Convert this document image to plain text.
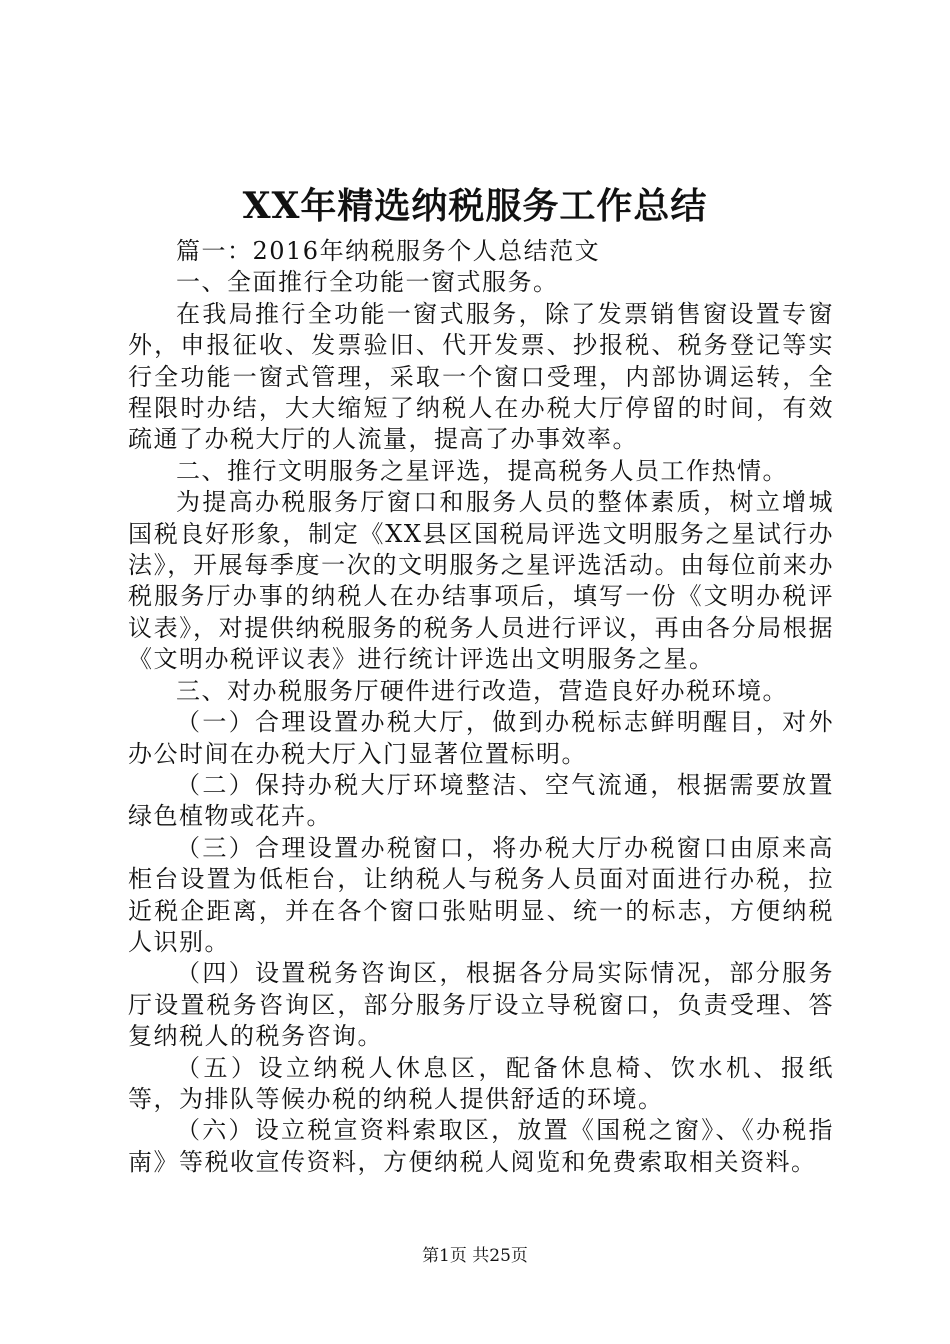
XX年精选纳税服务工作总结

篇一：2016年纳税服务个人总结范文

一、全面推行全功能一窗式服务。

在我局推行全功能一窗式服务，除了发票销售窗设置专窗外，申报征收、发票验旧、代开发票、抄报税、税务登记等实行全功能一窗式管理，采取一个窗口受理，内部协调运转，全程限时办结，大大缩短了纳税人在办税大厅停留的时间，有效疏通了办税大厅的人流量，提高了办事效率。

二、推行文明服务之星评选，提高税务人员工作热情。

为提高办税服务厅窗口和服务人员的整体素质，树立增城国税良好形象，制定《XX县区国税局评选文明服务之星试行办法》，开展每季度一次的文明服务之星评选活动。由每位前来办税服务厅办事的纳税人在办结事项后，填写一份《文明办税评议表》，对提供纳税服务的税务人员进行评议，再由各分局根据《文明办税评议表》进行统计评选出文明服务之星。

三、对办税服务厅硬件进行改造，营造良好办税环境。

（一）合理设置办税大厅，做到办税标志鲜明醒目，对外办公时间在办税大厅入门显著位置标明。

（二）保持办税大厅环境整洁、空气流通，根据需要放置绿色植物或花卉。

（三）合理设置办税窗口，将办税大厅办税窗口由原来高柜台设置为低柜台，让纳税人与税务人员面对面进行办税，拉近税企距离，并在各个窗口张贴明显、统一的标志，方便纳税人识别。

（四）设置税务咨询区，根据各分局实际情况，部分服务厅设置税务咨询区，部分服务厅设立导税窗口，负责受理、答复纳税人的税务咨询。

（五）设立纳税人休息区，配备休息椅、饮水机、报纸等，为排队等候办税的纳税人提供舒适的环境。

（六）设立税宣资料索取区，放置《国税之窗》、《办税指南》等税收宣传资料，方便纳税人阅览和免费索取相关资料。

第1页 共25页
